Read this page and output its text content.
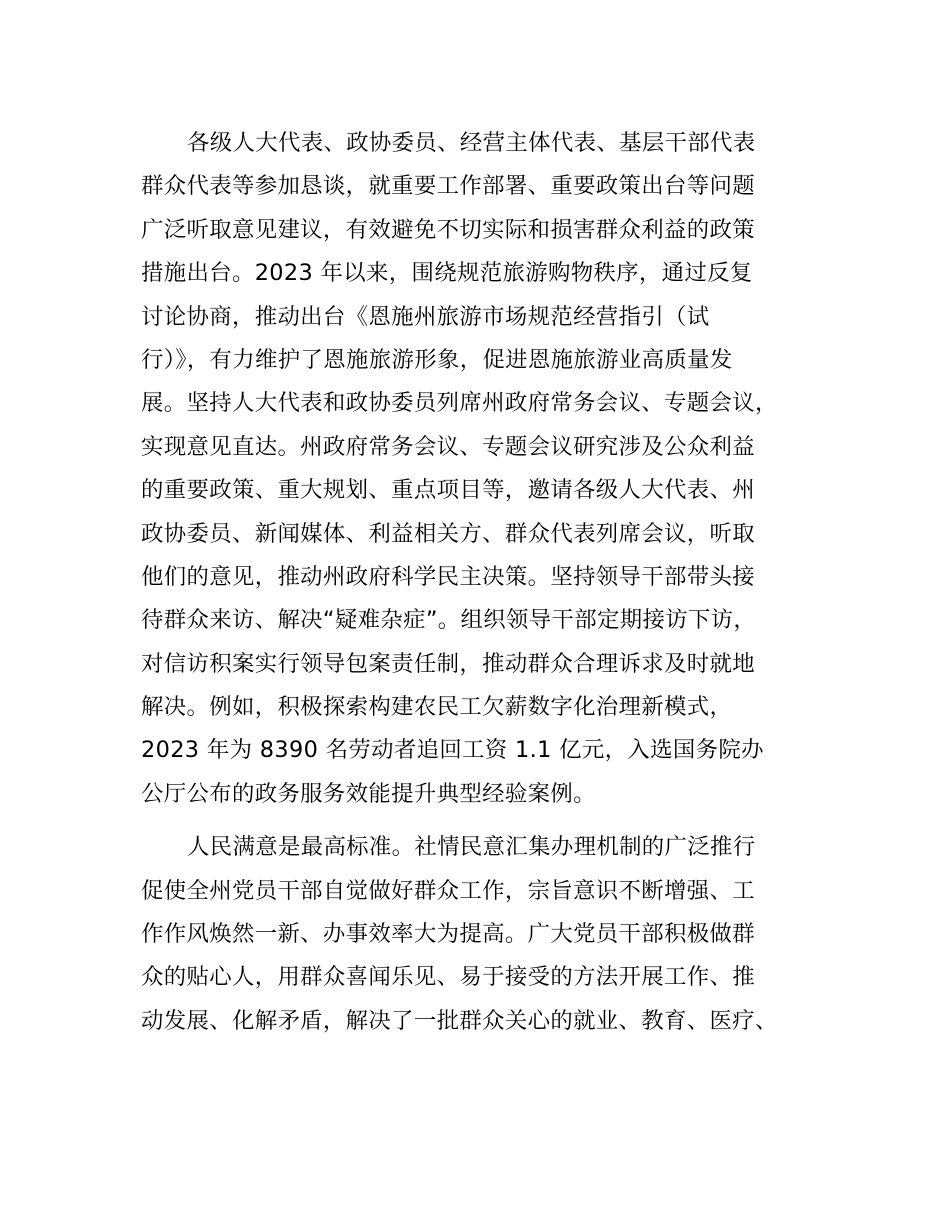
各级人大代表、政协委员、经营主体代表、基层干部代表
群众代表等参加恳谈，就重要工作部署、重要政策出台等问题
广泛听取意见建议，有效避免不切实际和损害群众利益的政策
措施出台。2023 年以来，围绕规范旅游购物秩序，通过反复
讨论协商，推动出台《恩施州旅游市场规范经营指引（试
行）》，有力维护了恩施旅游形象，促进恩施旅游业高质量发
展。坚持人大代表和政协委员列席州政府常务会议、专题会议，
实现意见直达。州政府常务会议、专题会议研究涉及公众利益
的重要政策、重大规划、重点项目等，邀请各级人大代表、州
政协委员、新闻媒体、利益相关方、群众代表列席会议，听取
他们的意见，推动州政府科学民主决策。坚持领导干部带头接
待群众来访、解决“疑难杂症”。组织领导干部定期接访下访，
对信访积案实行领导包案责任制，推动群众合理诉求及时就地
解决。例如，积极探索构建农民工欠薪数字化治理新模式，
2023 年为 8390 名劳动者追回工资 1.1 亿元，入选国务院办
公厅公布的政务服务效能提升典型经验案例。
人民满意是最高标准。社情民意汇集办理机制的广泛推行
促使全州党员干部自觉做好群众工作，宗旨意识不断增强、工
作作风焕然一新、办事效率大为提高。广大党员干部积极做群
众的贴心人，用群众喜闻乐见、易于接受的方法开展工作、推
动发展、化解矛盾，解决了一批群众关心的就业、教育、医疗、
